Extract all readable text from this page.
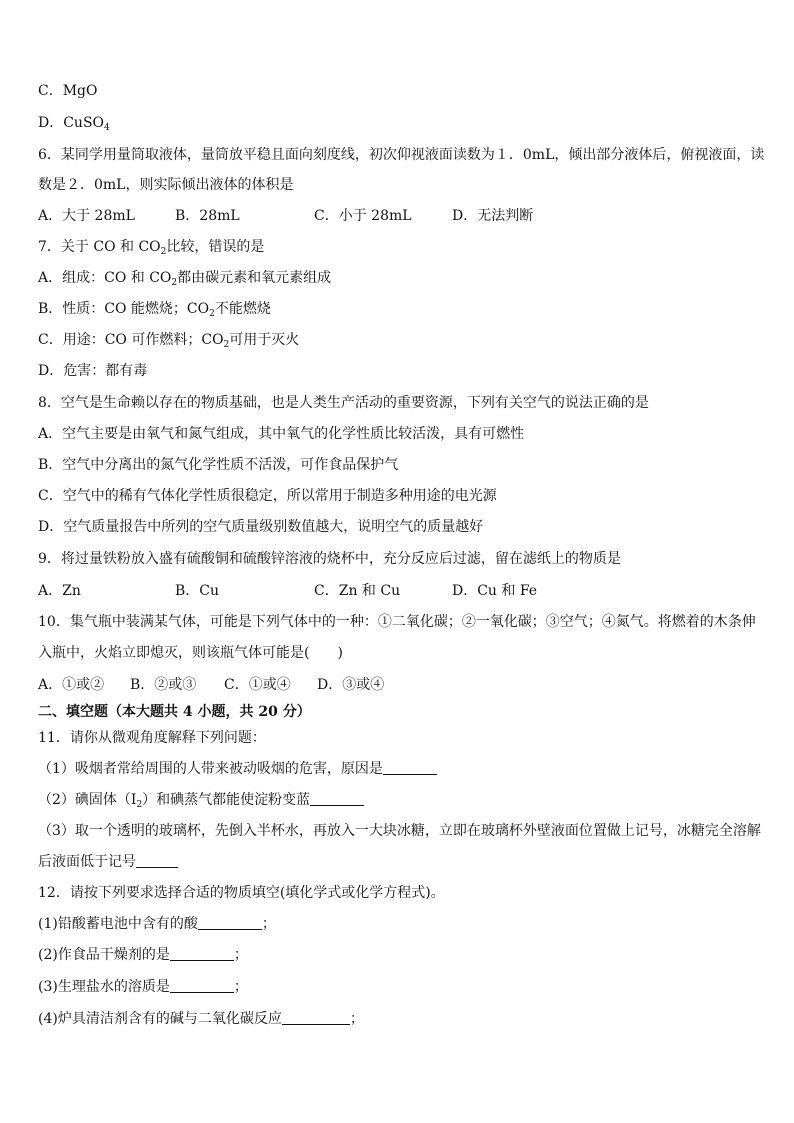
C．MgO
D．CuSO$_4$
6．某同学用量筒取液体，量筒放平稳且面向刻度线，初次仰视液面读数为１．0mL，倾出部分液体后，俯视液面，读
数是２．0mL，则实际倾出液体的体积是
A．大于 28mL	B．28mL	C．小于 28mL	D．无法判断
7．关于 CO 和 $CO_2$比较，错误的是
A．组成：CO 和 $CO_2$都由碳元素和氧元素组成
B．性质：CO 能燃烧；$CO_2$不能燃烧
C．用途：CO 可作燃料；$CO_2$可用于灭火
D．危害：都有毒
8．空气是生命赖以存在的物质基础，也是人类生产活动的重要资源，下列有关空气的说法正确的是
A．空气主要是由氧气和氮气组成，其中氧气的化学性质比较活泼，具有可燃性
B．空气中分离出的氮气化学性质不活泼，可作食品保护气
C．空气中的稀有气体化学性质很稳定，所以常用于制造多种用途的电光源
D．空气质量报告中所列的空气质量级别数值越大，说明空气的质量越好
9．将过量铁粉放入盛有硫酸铜和硫酸锌溶液的烧杯中，充分反应后过滤，留在滤纸上的物质是
A．Zn	B．Cu	C．Zn 和 Cu	D．Cu 和 Fe
10．集气瓶中装满某气体，可能是下列气体中的一种：①二氧化碳；②一氧化碳；③空气；④氮气。将燃着的木条伸
入瓶中，火焰立即熄灭，则该瓶气体可能是(　　)
A．①或② B．②或③ C．①或④ D．③或④
二、填空题（本大题共 4 小题，共 20 分）
11．请你从微观角度解释下列问题：
（1）吸烟者常给周围的人带来被动吸烟的危害，原因是
（2）碘固体$(I_2)$和碘蒸气都能使淀粉变蓝
（3）取一个透明的玻璃杯，先倒入半杯水，再放入一大块冰糖，立即在玻璃杯外壁液面位置做上记号，冰糖完全溶解
后液面低于记号
12．请按下列要求选择合适的物质填空(填化学式或化学方程式)。
(1)铅酸蓄电池中含有的酸	；
(2)作食品干燥剂的是	；
(3)生理盐水的溶质是	；
(4)炉具清洁剂含有的碱与二氧化碳反应	；
